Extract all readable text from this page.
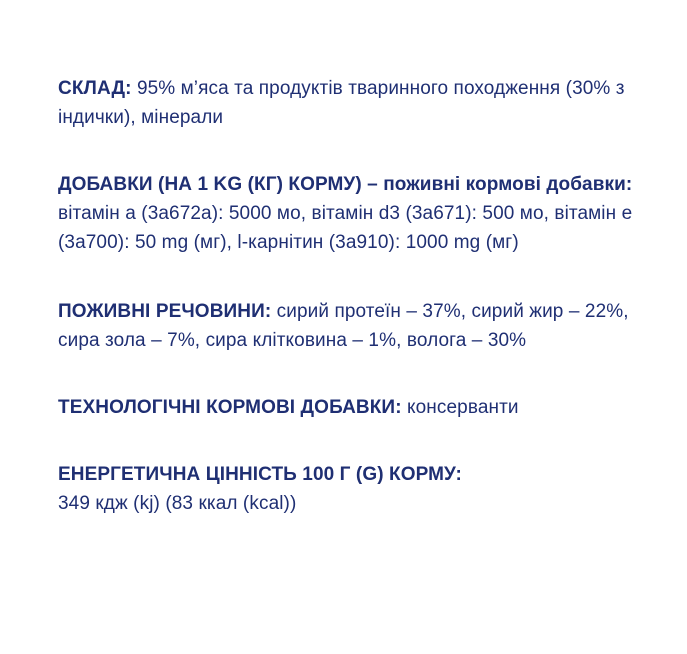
СКЛАД: 95% м’яса та продуктів тваринного походження (30% з індички), мінерали

ДОБАВКИ (НА 1 KG (КГ) КОРМУ) – поживні кормові добавки: вітамін а (3а672а): 5000 мо, вітамін d3 (3а671): 500 мо, вітамін е (3а700): 50 mg (мг), l-карнітин (3а910): 1000 mg (мг)

ПОЖИВНІ РЕЧОВИНИ: сирий протеїн – 37%, сирий жир – 22%, сира зола – 7%, сира клітковина – 1%, волога – 30%

ТЕХНОЛОГІЧНІ КОРМОВІ ДОБАВКИ: консерванти

ЕНЕРГЕТИЧНА ЦІННІСТЬ 100 Г (G) КОРМУ:
349 кдж (kj) (83 ккал (kcal))
